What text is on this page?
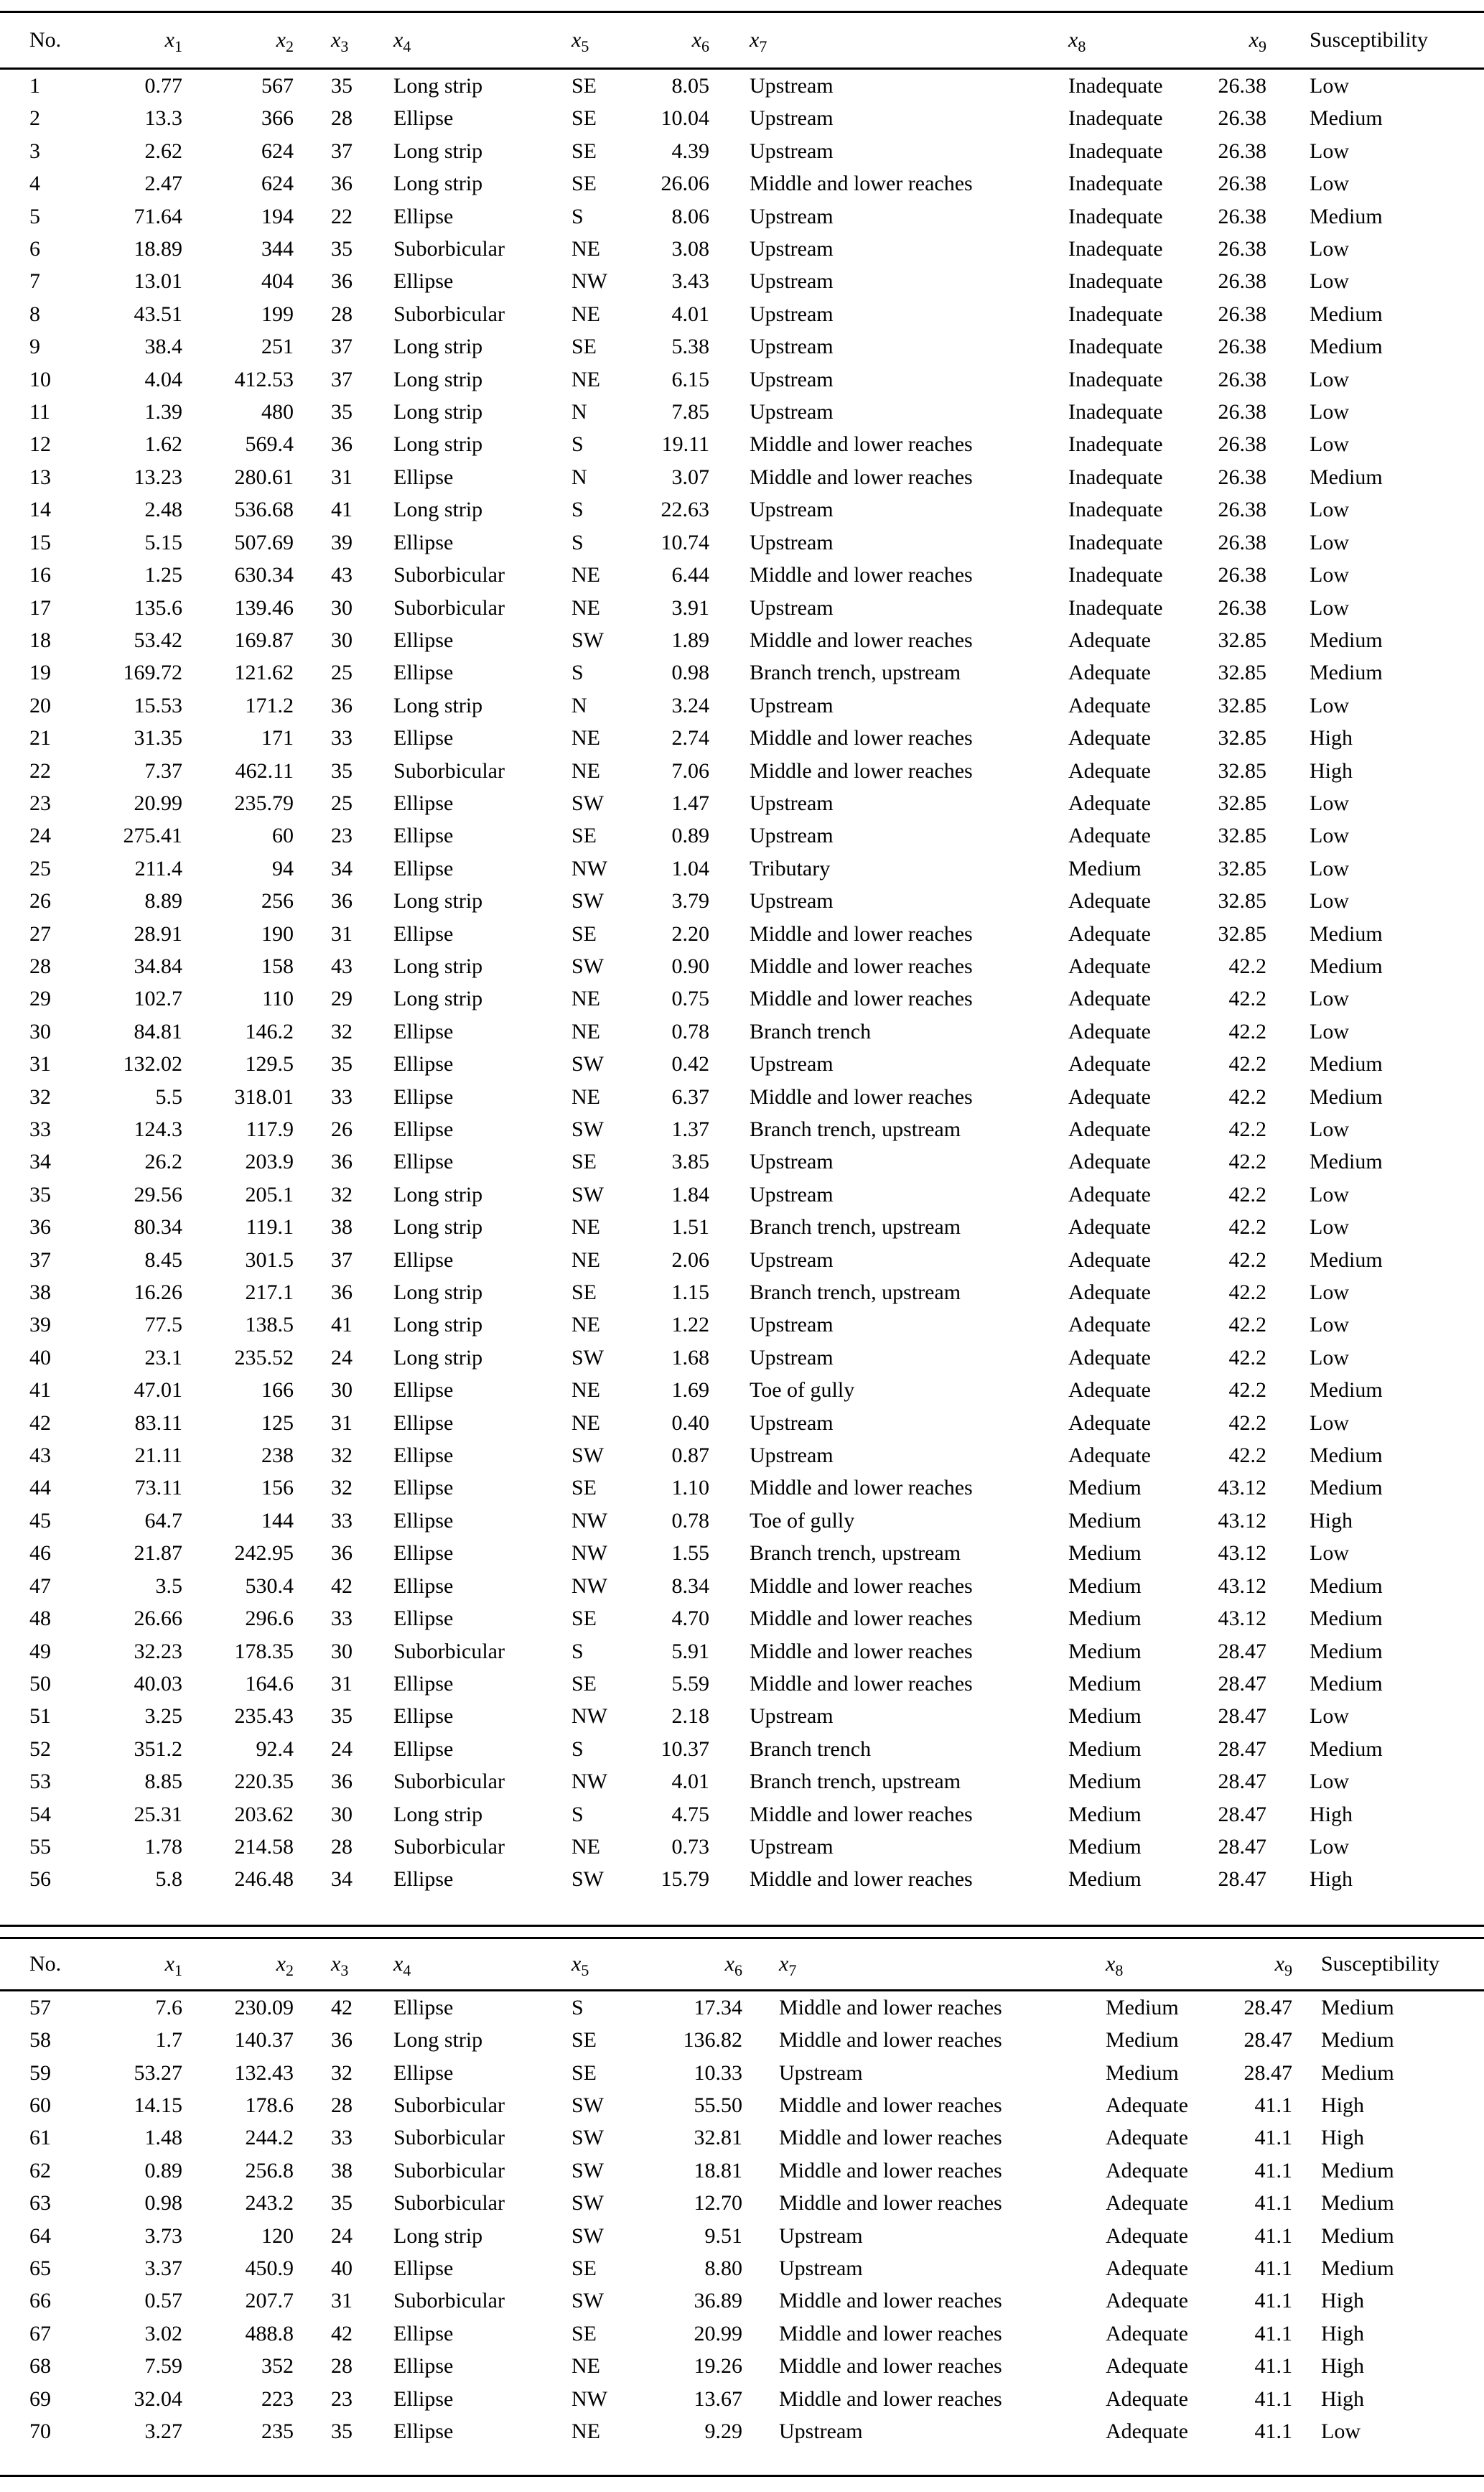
No.	$x_1$	$x_2$	$x_3$	$x_4$	$x_5$	$x_6$	$x_7$	$x_8$	$x_9$	Susceptibility
1	0.77	567	35	Long strip	SE	8.05	Upstream	Inadequate	26.38	Low
2	13.3	366	28	Ellipse	SE	10.04	Upstream	Inadequate	26.38	Medium
3	2.62	624	37	Long strip	SE	4.39	Upstream	Inadequate	26.38	Low
4	2.47	624	36	Long strip	SE	26.06	Middle and lower reaches	Inadequate	26.38	Low
5	71.64	194	22	Ellipse	S	8.06	Upstream	Inadequate	26.38	Medium
6	18.89	344	35	Suborbicular	NE	3.08	Upstream	Inadequate	26.38	Low
7	13.01	404	36	Ellipse	NW	3.43	Upstream	Inadequate	26.38	Low
8	43.51	199	28	Suborbicular	NE	4.01	Upstream	Inadequate	26.38	Medium
9	38.4	251	37	Long strip	SE	5.38	Upstream	Inadequate	26.38	Medium
10	4.04	412.53	37	Long strip	NE	6.15	Upstream	Inadequate	26.38	Low
11	1.39	480	35	Long strip	N	7.85	Upstream	Inadequate	26.38	Low
12	1.62	569.4	36	Long strip	S	19.11	Middle and lower reaches	Inadequate	26.38	Low
13	13.23	280.61	31	Ellipse	N	3.07	Middle and lower reaches	Inadequate	26.38	Medium
14	2.48	536.68	41	Long strip	S	22.63	Upstream	Inadequate	26.38	Low
15	5.15	507.69	39	Ellipse	S	10.74	Upstream	Inadequate	26.38	Low
16	1.25	630.34	43	Suborbicular	NE	6.44	Middle and lower reaches	Inadequate	26.38	Low
17	135.6	139.46	30	Suborbicular	NE	3.91	Upstream	Inadequate	26.38	Low
18	53.42	169.87	30	Ellipse	SW	1.89	Middle and lower reaches	Adequate	32.85	Medium
19	169.72	121.62	25	Ellipse	S	0.98	Branch trench, upstream	Adequate	32.85	Medium
20	15.53	171.2	36	Long strip	N	3.24	Upstream	Adequate	32.85	Low
21	31.35	171	33	Ellipse	NE	2.74	Middle and lower reaches	Adequate	32.85	High
22	7.37	462.11	35	Suborbicular	NE	7.06	Middle and lower reaches	Adequate	32.85	High
23	20.99	235.79	25	Ellipse	SW	1.47	Upstream	Adequate	32.85	Low
24	275.41	60	23	Ellipse	SE	0.89	Upstream	Adequate	32.85	Low
25	211.4	94	34	Ellipse	NW	1.04	Tributary	Medium	32.85	Low
26	8.89	256	36	Long strip	SW	3.79	Upstream	Adequate	32.85	Low
27	28.91	190	31	Ellipse	SE	2.20	Middle and lower reaches	Adequate	32.85	Medium
28	34.84	158	43	Long strip	SW	0.90	Middle and lower reaches	Adequate	42.2	Medium
29	102.7	110	29	Long strip	NE	0.75	Middle and lower reaches	Adequate	42.2	Low
30	84.81	146.2	32	Ellipse	NE	0.78	Branch trench	Adequate	42.2	Low
31	132.02	129.5	35	Ellipse	SW	0.42	Upstream	Adequate	42.2	Medium
32	5.5	318.01	33	Ellipse	NE	6.37	Middle and lower reaches	Adequate	42.2	Medium
33	124.3	117.9	26	Ellipse	SW	1.37	Branch trench, upstream	Adequate	42.2	Low
34	26.2	203.9	36	Ellipse	SE	3.85	Upstream	Adequate	42.2	Medium
35	29.56	205.1	32	Long strip	SW	1.84	Upstream	Adequate	42.2	Low
36	80.34	119.1	38	Long strip	NE	1.51	Branch trench, upstream	Adequate	42.2	Low
37	8.45	301.5	37	Ellipse	NE	2.06	Upstream	Adequate	42.2	Medium
38	16.26	217.1	36	Long strip	SE	1.15	Branch trench, upstream	Adequate	42.2	Low
39	77.5	138.5	41	Long strip	NE	1.22	Upstream	Adequate	42.2	Low
40	23.1	235.52	24	Long strip	SW	1.68	Upstream	Adequate	42.2	Low
41	47.01	166	30	Ellipse	NE	1.69	Toe of gully	Adequate	42.2	Medium
42	83.11	125	31	Ellipse	NE	0.40	Upstream	Adequate	42.2	Low
43	21.11	238	32	Ellipse	SW	0.87	Upstream	Adequate	42.2	Medium
44	73.11	156	32	Ellipse	SE	1.10	Middle and lower reaches	Medium	43.12	Medium
45	64.7	144	33	Ellipse	NW	0.78	Toe of gully	Medium	43.12	High
46	21.87	242.95	36	Ellipse	NW	1.55	Branch trench, upstream	Medium	43.12	Low
47	3.5	530.4	42	Ellipse	NW	8.34	Middle and lower reaches	Medium	43.12	Medium
48	26.66	296.6	33	Ellipse	SE	4.70	Middle and lower reaches	Medium	43.12	Medium
49	32.23	178.35	30	Suborbicular	S	5.91	Middle and lower reaches	Medium	28.47	Medium
50	40.03	164.6	31	Ellipse	SE	5.59	Middle and lower reaches	Medium	28.47	Medium
51	3.25	235.43	35	Ellipse	NW	2.18	Upstream	Medium	28.47	Low
52	351.2	92.4	24	Ellipse	S	10.37	Branch trench	Medium	28.47	Medium
53	8.85	220.35	36	Suborbicular	NW	4.01	Branch trench, upstream	Medium	28.47	Low
54	25.31	203.62	30	Long strip	S	4.75	Middle and lower reaches	Medium	28.47	High
55	1.78	214.58	28	Suborbicular	NE	0.73	Upstream	Medium	28.47	Low
56	5.8	246.48	34	Ellipse	SW	15.79	Middle and lower reaches	Medium	28.47	High
No.	$x_1$	$x_2$	$x_3$	$x_4$	$x_5$	$x_6$	$x_7$	$x_8$	$x_9$	Susceptibility
57	7.6	230.09	42	Ellipse	S	17.34	Middle and lower reaches	Medium	28.47	Medium
58	1.7	140.37	36	Long strip	SE	136.82	Middle and lower reaches	Medium	28.47	Medium
59	53.27	132.43	32	Ellipse	SE	10.33	Upstream	Medium	28.47	Medium
60	14.15	178.6	28	Suborbicular	SW	55.50	Middle and lower reaches	Adequate	41.1	High
61	1.48	244.2	33	Suborbicular	SW	32.81	Middle and lower reaches	Adequate	41.1	High
62	0.89	256.8	38	Suborbicular	SW	18.81	Middle and lower reaches	Adequate	41.1	Medium
63	0.98	243.2	35	Suborbicular	SW	12.70	Middle and lower reaches	Adequate	41.1	Medium
64	3.73	120	24	Long strip	SW	9.51	Upstream	Adequate	41.1	Medium
65	3.37	450.9	40	Ellipse	SE	8.80	Upstream	Adequate	41.1	Medium
66	0.57	207.7	31	Suborbicular	SW	36.89	Middle and lower reaches	Adequate	41.1	High
67	3.02	488.8	42	Ellipse	SE	20.99	Middle and lower reaches	Adequate	41.1	High
68	7.59	352	28	Ellipse	NE	19.26	Middle and lower reaches	Adequate	41.1	High
69	32.04	223	23	Ellipse	NW	13.67	Middle and lower reaches	Adequate	41.1	High
70	3.27	235	35	Ellipse	NE	9.29	Upstream	Adequate	41.1	Low
